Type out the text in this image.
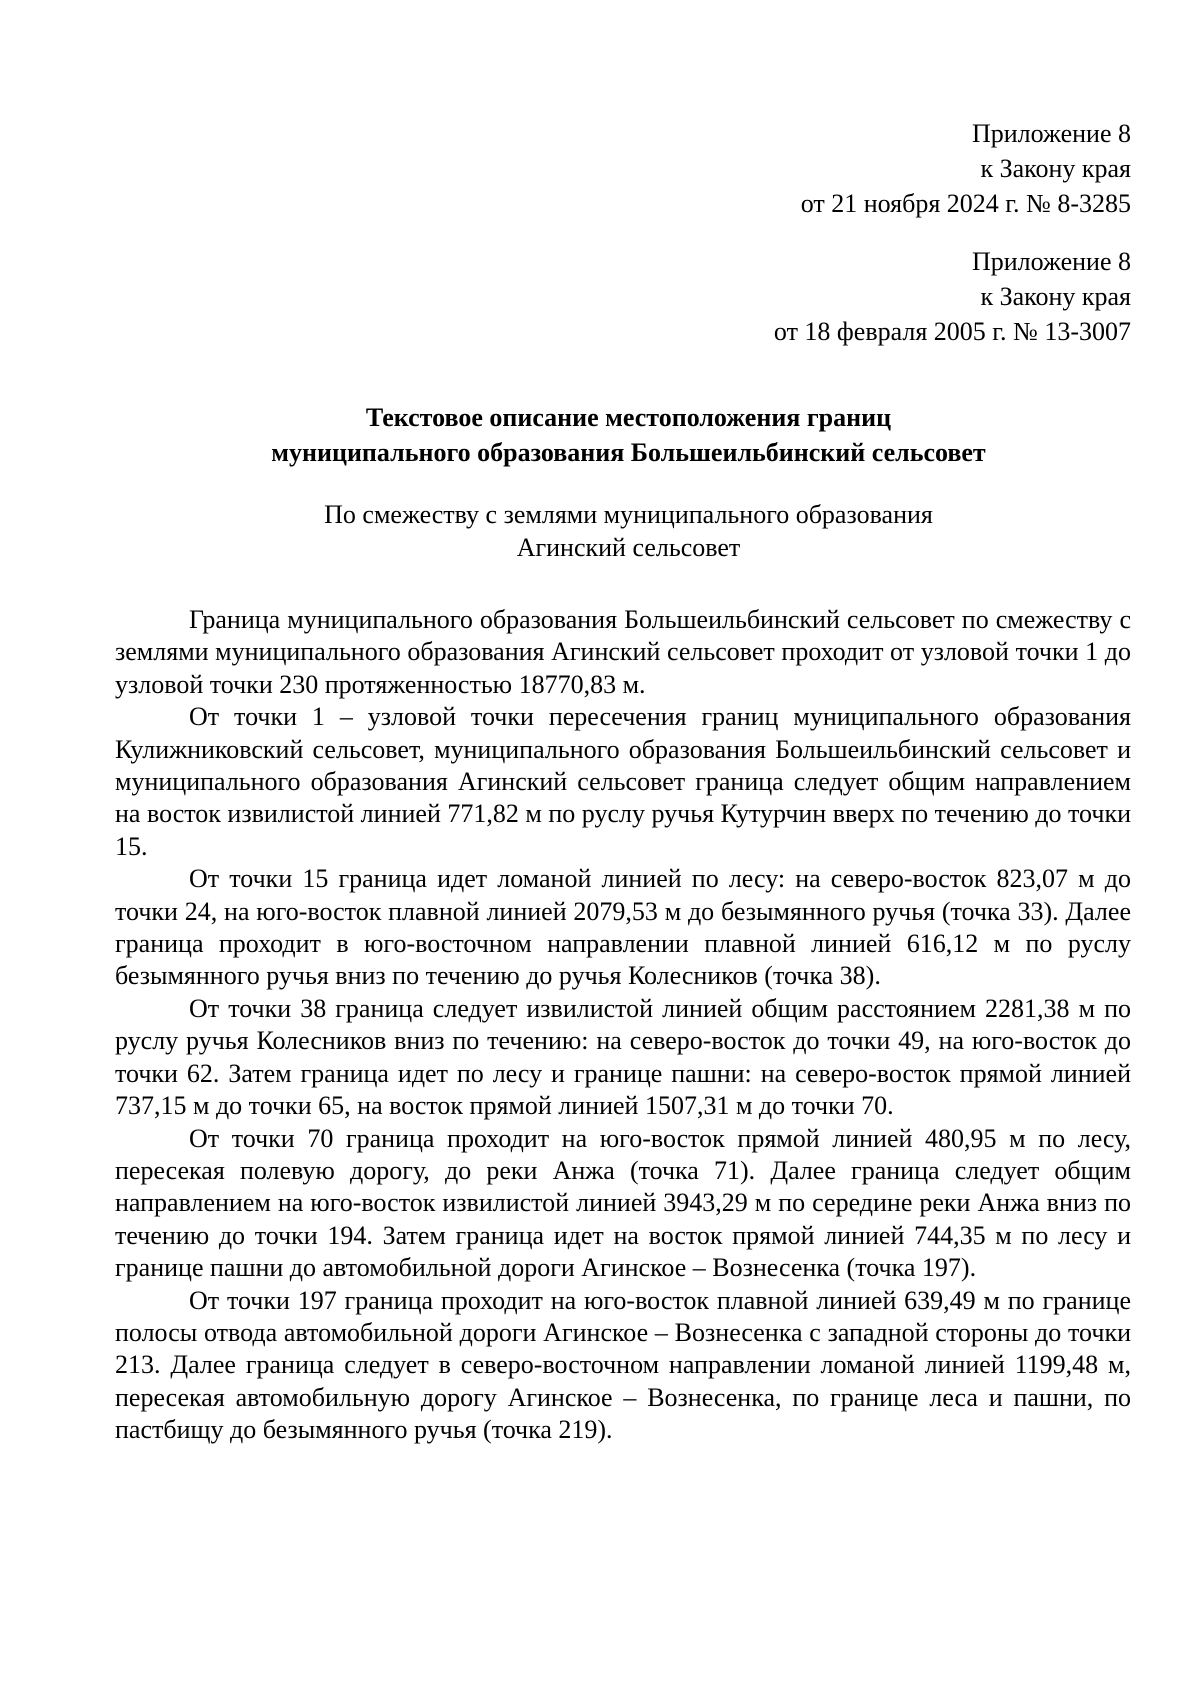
Приложение 8
к Закону края
от 21 ноября 2024 г. № 8-3285
Приложение 8
к Закону края
от 18 февраля 2005 г. № 13-3007
Текстовое описание местоположения границ
муниципального образования Большеильбинский сельсовет
По смежеству с землями муниципального образования
Агинский сельсовет

Граница муниципального образования Большеильбинский сельсовет по смежеству с землями муниципального образования Агинский сельсовет проходит от узловой точки 1 до узловой точки 230 протяженностью 18770,83 м.

От точки 1 – узловой точки пересечения границ муниципального образования Кулижниковский сельсовет, муниципального образования Большеильбинский сельсовет и муниципального образования Агинский сельсовет граница следует общим направлением на восток извилистой линией 771,82 м по руслу ручья Кутурчин вверх по течению до точки 15.

От точки 15 граница идет ломаной линией по лесу: на северо-восток 823,07 м до точки 24, на юго-восток плавной линией 2079,53 м до безымянного ручья (точка 33). Далее граница проходит в юго-восточном направлении плавной линией 616,12 м по руслу безымянного ручья вниз по течению до ручья Колесников (точка 38).

От точки 38 граница следует извилистой линией общим расстоянием 2281,38 м по руслу ручья Колесников вниз по течению: на северо-восток до точки 49, на юго-восток до точки 62. Затем граница идет по лесу и границе пашни: на северо-восток прямой линией 737,15 м до точки 65, на восток прямой линией 1507,31 м до точки 70.

От точки 70 граница проходит на юго-восток прямой линией 480,95 м по лесу, пересекая полевую дорогу, до реки Анжа (точка 71). Далее граница следует общим направлением на юго-восток извилистой линией 3943,29 м по середине реки Анжа вниз по течению до точки 194. Затем граница идет на восток прямой линией 744,35 м по лесу и границе пашни до автомобильной дороги Агинское – Вознесенка (точка 197).

От точки 197 граница проходит на юго-восток плавной линией 639,49 м по границе полосы отвода автомобильной дороги Агинское – Вознесенка с западной стороны до точки 213. Далее граница следует в северо-восточном направлении ломаной линией 1199,48 м, пересекая автомобильную дорогу Агинское – Вознесенка, по границе леса и пашни, по пастбищу до безымянного ручья (точка 219).
